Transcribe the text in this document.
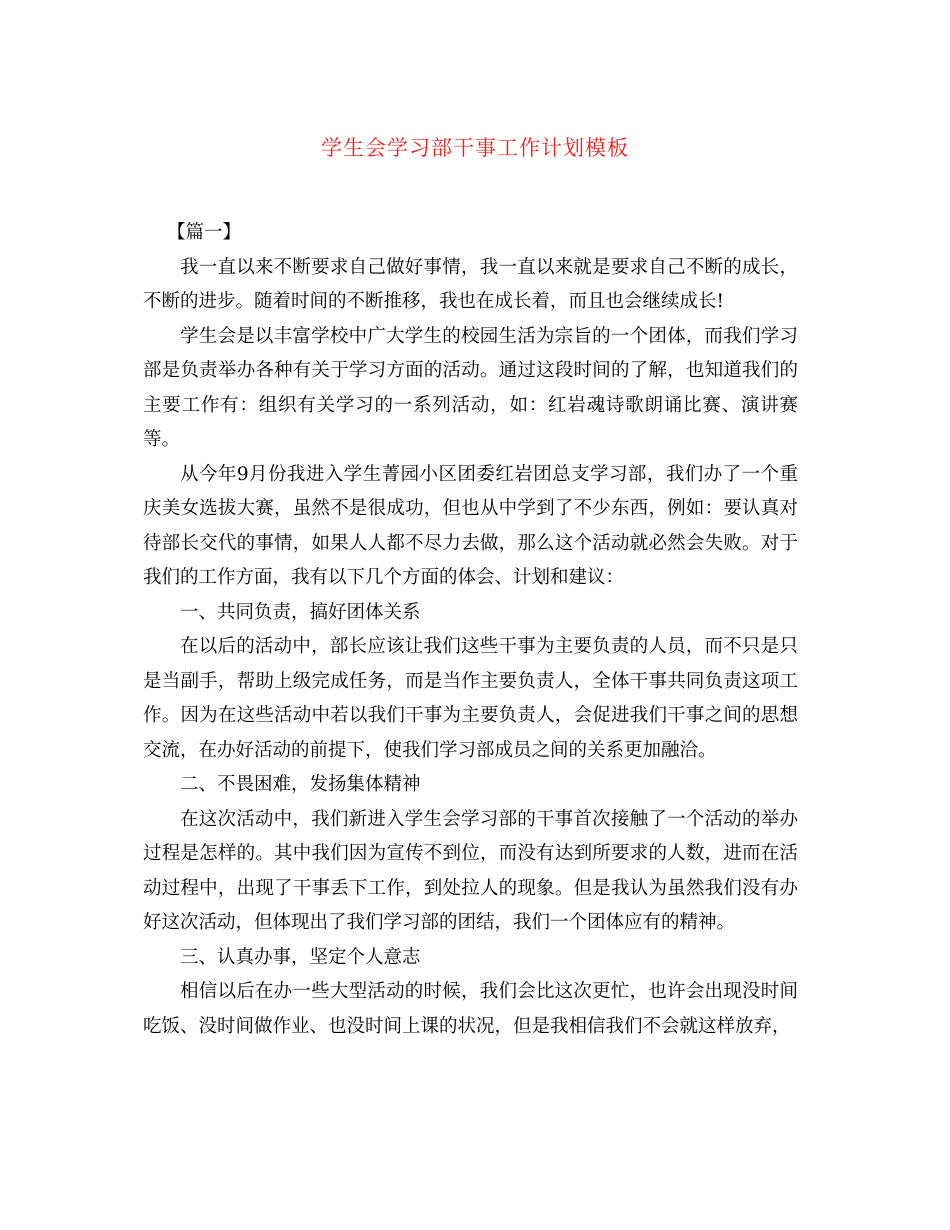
学生会学习部干事工作计划模板

【篇一】

我一直以来不断要求自己做好事情，我一直以来就是要求自己不断的成长，不断的进步。随着时间的不断推移，我也在成长着，而且也会继续成长!

学生会是以丰富学校中广大学生的校园生活为宗旨的一个团体，而我们学习部是负责举办各种有关于学习方面的活动。通过这段时间的了解，也知道我们的主要工作有：组织有关学习的一系列活动，如：红岩魂诗歌朗诵比赛、演讲赛等。

从今年9月份我进入学生菁园小区团委红岩团总支学习部，我们办了一个重庆美女选拔大赛，虽然不是很成功，但也从中学到了不少东西，例如：要认真对待部长交代的事情，如果人人都不尽力去做，那么这个活动就必然会失败。对于我们的工作方面，我有以下几个方面的体会、计划和建议：

一、共同负责，搞好团体关系

在以后的活动中，部长应该让我们这些干事为主要负责的人员，而不只是只是当副手，帮助上级完成任务，而是当作主要负责人，全体干事共同负责这项工作。因为在这些活动中若以我们干事为主要负责人，会促进我们干事之间的思想交流，在办好活动的前提下，使我们学习部成员之间的关系更加融洽。

二、不畏困难，发扬集体精神

在这次活动中，我们新进入学生会学习部的干事首次接触了一个活动的举办过程是怎样的。其中我们因为宣传不到位，而没有达到所要求的人数，进而在活动过程中，出现了干事丢下工作，到处拉人的现象。但是我认为虽然我们没有办好这次活动，但体现出了我们学习部的团结，我们一个团体应有的精神。

三、认真办事，坚定个人意志

相信以后在办一些大型活动的时候，我们会比这次更忙，也许会出现没时间吃饭、没时间做作业、也没时间上课的状况，但是我相信我们不会就这样放弃，
